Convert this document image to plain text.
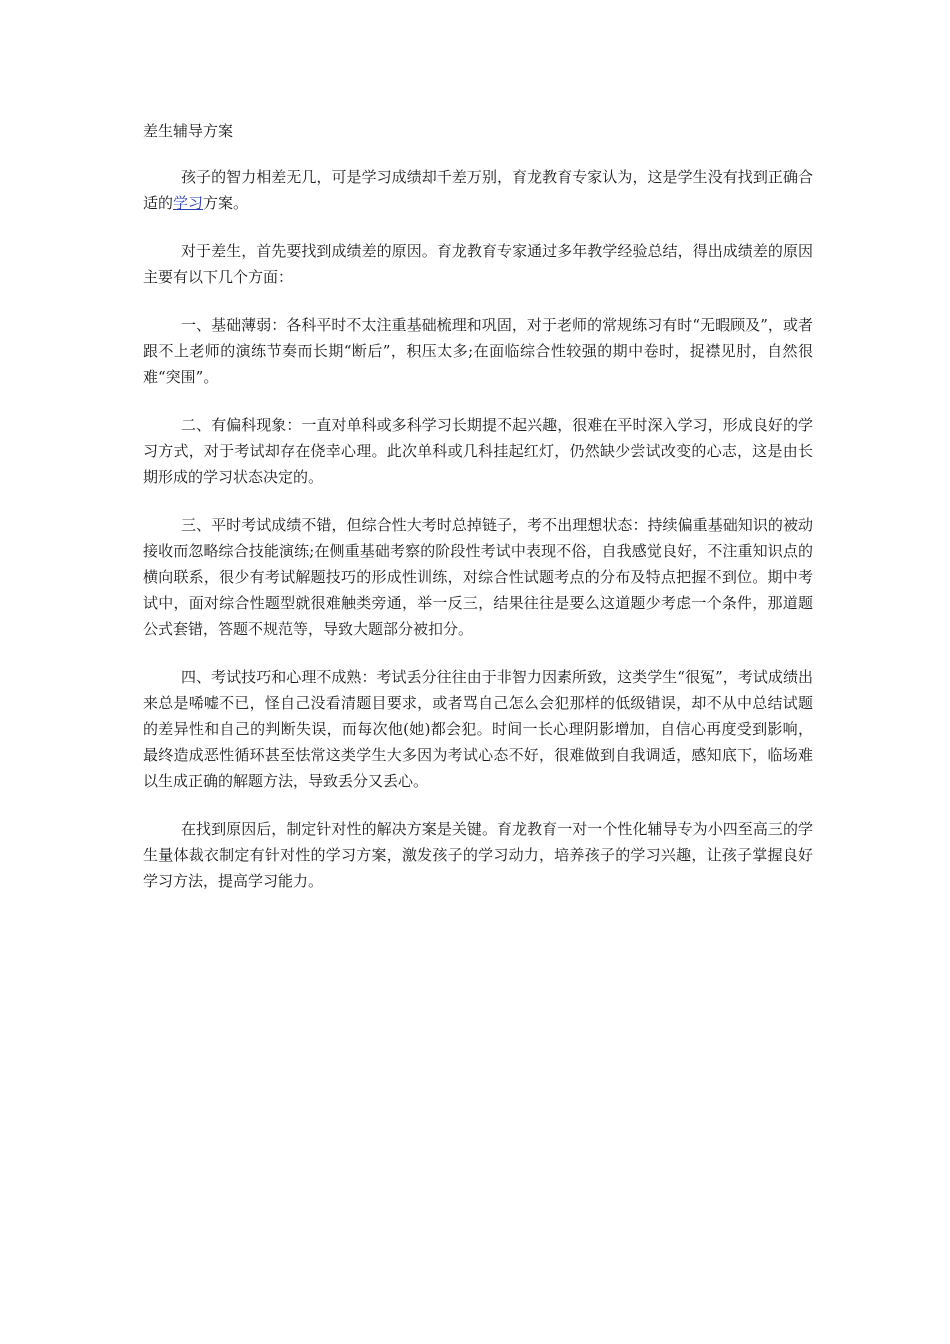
差生辅导方案

孩子的智力相差无几，可是学习成绩却千差万别，育龙教育专家认为，这是学生没有找到正确合适的学习方案。

对于差生，首先要找到成绩差的原因。育龙教育专家通过多年教学经验总结，得出成绩差的原因主要有以下几个方面：

一、基础薄弱：各科平时不太注重基础梳理和巩固，对于老师的常规练习有时“无暇顾及”，或者跟不上老师的演练节奏而长期“断后”，积压太多;在面临综合性较强的期中卷时，捉襟见肘，自然很难“突围”。

二、有偏科现象：一直对单科或多科学习长期提不起兴趣，很难在平时深入学习，形成良好的学习方式，对于考试却存在侥幸心理。此次单科或几科挂起红灯，仍然缺少尝试改变的心志，这是由长期形成的学习状态决定的。

三、平时考试成绩不错，但综合性大考时总掉链子，考不出理想状态：持续偏重基础知识的被动接收而忽略综合技能演练;在侧重基础考察的阶段性考试中表现不俗，自我感觉良好，不注重知识点的横向联系，很少有考试解题技巧的形成性训练，对综合性试题考点的分布及特点把握不到位。期中考试中，面对综合性题型就很难触类旁通，举一反三，结果往往是要么这道题少考虑一个条件，那道题公式套错，答题不规范等，导致大题部分被扣分。

四、考试技巧和心理不成熟：考试丢分往往由于非智力因素所致，这类学生“很冤”，考试成绩出来总是唏嘘不已，怪自己没看清题目要求，或者骂自己怎么会犯那样的低级错误，却不从中总结试题的差异性和自己的判断失误，而每次他(她)都会犯。时间一长心理阴影增加，自信心再度受到影响，最终造成恶性循环甚至怯常这类学生大多因为考试心态不好，很难做到自我调适，感知底下，临场难以生成正确的解题方法，导致丢分又丢心。

在找到原因后，制定针对性的解决方案是关键。育龙教育一对一个性化辅导专为小四至高三的学生量体裁衣制定有针对性的学习方案，激发孩子的学习动力，培养孩子的学习兴趣，让孩子掌握良好学习方法，提高学习能力。
